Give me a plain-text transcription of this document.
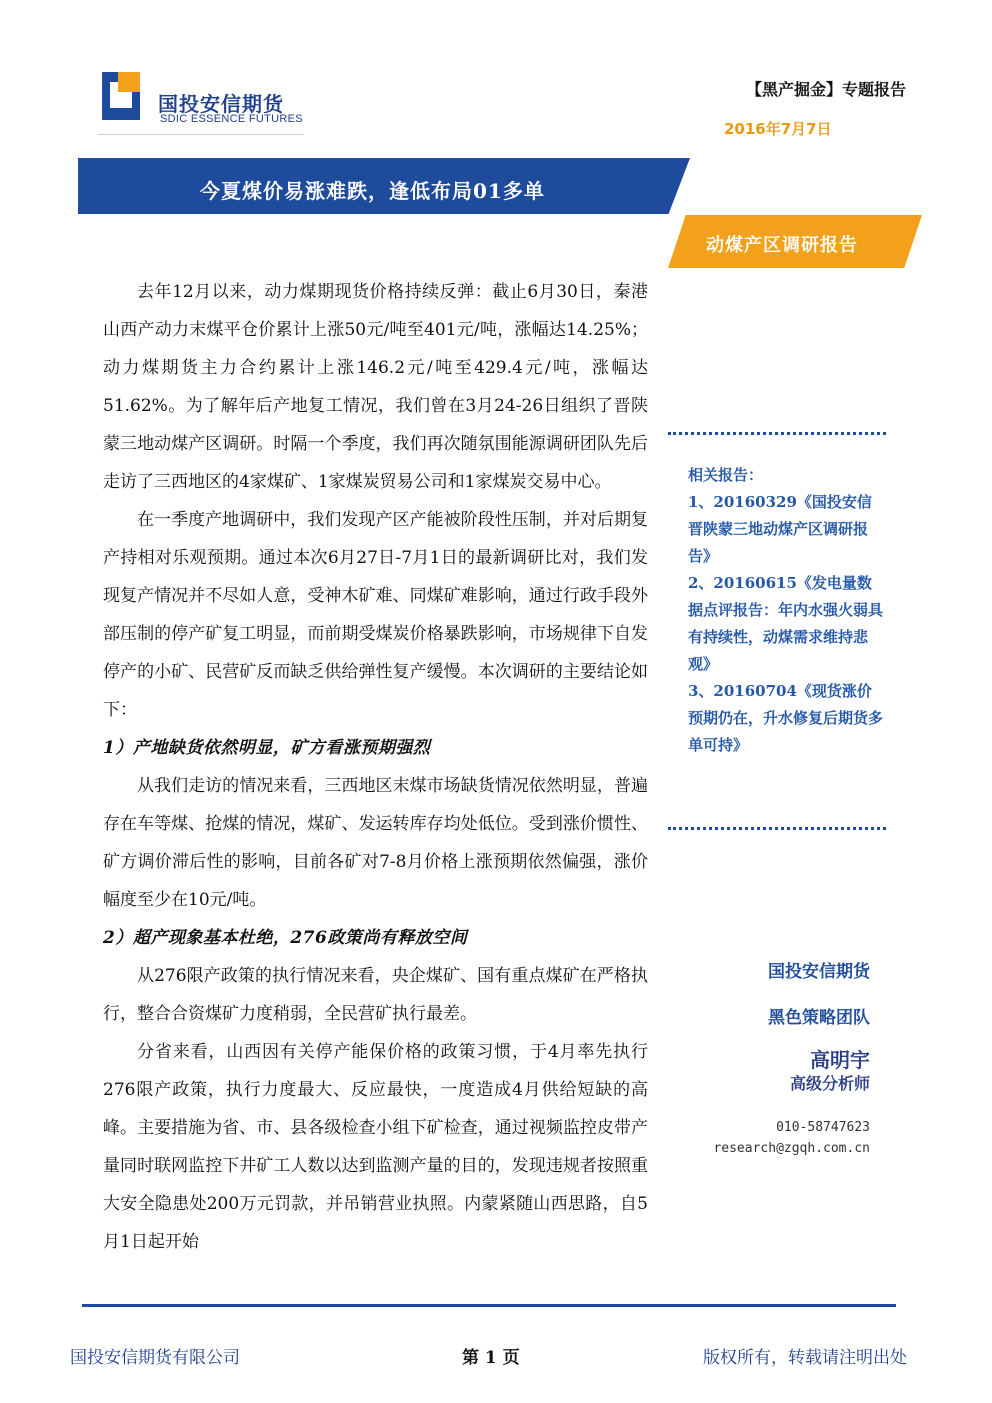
国投安信期货
SDIC ESSENCE FUTURES
【黑产掘金】专题报告
2016年7月7日
今夏煤价易涨难跌，逢低布局01多单
动煤产区调研报告

去年12月以来，动力煤期现货价格持续反弹：截止6月30日，秦港山西产动力末煤平仓价累计上涨50元/吨至401元/吨，涨幅达14.25%；动力煤期货主力合约累计上涨146.2元/吨至429.4元/吨，涨幅达51.62%。为了解年后产地复工情况，我们曾在3月24-26日组织了晋陕蒙三地动煤产区调研。时隔一个季度，我们再次随氛围能源调研团队先后走访了三西地区的4家煤矿、1家煤炭贸易公司和1家煤炭交易中心。

在一季度产地调研中，我们发现产区产能被阶段性压制，并对后期复产持相对乐观预期。通过本次6月27日-7月1日的最新调研比对，我们发现复产情况并不尽如人意，受神木矿难、同煤矿难影响，通过行政手段外部压制的停产矿复工明显，而前期受煤炭价格暴跌影响，市场规律下自发停产的小矿、民营矿反而缺乏供给弹性复产缓慢。本次调研的主要结论如下：

1）产地缺货依然明显，矿方看涨预期强烈

从我们走访的情况来看，三西地区末煤市场缺货情况依然明显，普遍存在车等煤、抢煤的情况，煤矿、发运转库存均处低位。受到涨价惯性、矿方调价滞后性的影响，目前各矿对7-8月价格上涨预期依然偏强，涨价幅度至少在10元/吨。

2）超产现象基本杜绝，276政策尚有释放空间

从276限产政策的执行情况来看，央企煤矿、国有重点煤矿在严格执行，整合合资煤矿力度稍弱，全民营矿执行最差。

分省来看，山西因有关停产能保价格的政策习惯，于4月率先执行276限产政策，执行力度最大、反应最快，一度造成4月供给短缺的高峰。主要措施为省、市、县各级检查小组下矿检查，通过视频监控皮带产量同时联网监控下井矿工人数以达到监测产量的目的，发现违规者按照重大安全隐患处200万元罚款，并吊销营业执照。内蒙紧随山西思路，自5月1日起开始

相关报告：
1、20160329《国投安信晋陕蒙三地动煤产区调研报告》
2、20160615《发电量数据点评报告：年内水强火弱具有持续性，动煤需求维持悲观》
3、20160704《现货涨价预期仍在，升水修复后期货多单可持》
国投安信期货
黑色策略团队
高明宇
高级分析师
010-58747623
research@zgqh.com.cn
国投安信期货有限公司	第 1 页	版权所有，转载请注明出处
